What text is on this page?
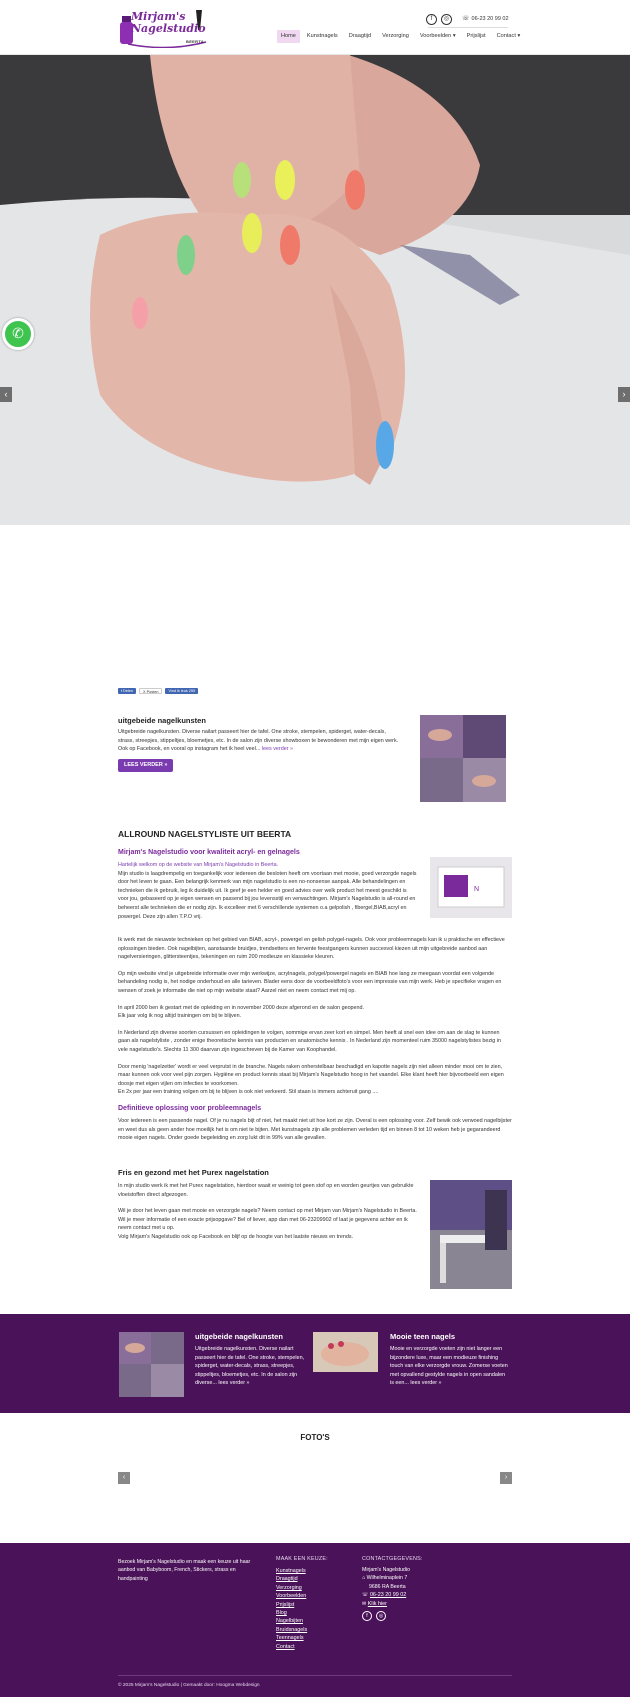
Mirjam's
Nagelstudio
BEERTA
f	◎	☏ 06-23 20 99 02
Home	Kunstnagels	Draagtijd	Verzorging	Voorbeelden ▾	Prijslijst	Contact ▾
‹	›
✆
f Delen	X Posten	Vind ik leuk 255
uitgebeide nagelkunsten
Uitgebreide nagelkunsten. Diverse nailart passeert hier de tafel. One stroke, stempelen, spiderget, water-decals, strass, streepjes, stippeltjes, bloemetjes, etc. In de salon zijn diverse showboxen te bewonderen met mijn eigen werk. Ook op Facebook, en vooral op instagram het ik heel veel... lees verder »
LEES VERDER »
ALLROUND NAGELSTYLISTE UIT BEERTA
Mirjam's Nagelstudio voor kwaliteit acryl- en gelnagels
Hartelijk welkom op de website van Mirjam's Nagelstudio in Beerta.
Mijn studio is laagdrempelig en toegankelijk voor iedereen die besloten heeft om voortaan met mooie, goed verzorgde nagels door het leven te gaan. Een belangrijk kenmerk van mijn nagelstudio is een no-nonsense aanpak. Alle behandelingen en technieken die ik gebruik, leg ik duidelijk uit. Ik geef je een helder en goed advies over welk product het meest geschikt is voor jou, gebaseerd op je eigen wensen en passend bij jou levensstijl en verwachtingen. Mirjam's Nagelstudio is all-round en beheerst alle technieken die er nodig zijn. Ik excelleer met 6 verschillende systemen o.a gelpolish , fibergel,BIAB,acryl en powergel. Deze zijn allen T.P.O vrij.
N
Ik werk met de nieuwste technieken op het gebied van BIAB, acryl-, powergel en gelish polygel-nagels. Ook voor probleemnagels kan ik u praktische en effectieve oplossingen bieden. Ook nagelbijten, aanstaande bruidjes, trendsetters en fervente feestgangers kunnen succesvol kiezen uit mijn uitgebreide aanbod aan nagelversieringen, glittersteentjes, tekeningen en ruim 200 modieuze en klassieke kleuren.
Op mijn website vind je uitgebreide informatie over mijn werkwijze, acrylnagels, polygel/powergel nagels en BIAB hoe lang ze meegaan voordat een volgende behandeling nodig is, het nodige onderhoud en alle tarieven. Blader eens door de voorbeeldfoto's voor een impressie van mijn werk. Heb je specifieke vragen en wensen of zoek je informatie die niet op mijn website staat? Aarzel niet en neem contact met mij op.
In april 2000 ben ik gestart met de opleiding en in november 2000 deze afgerond en de salon geopend.
Elk jaar volg ik nog altijd trainingen om bij te blijven.
In Nederland zijn diverse soorten cursussen en opleidingen te volgen, sommige ervan zeer kort en simpel. Men heeft al snel een idee om aan de slag te kunnen gaan als nagelstyliste , zonder enige theoretische kennis van producten en anatomische kennis . In Nederland zijn momenteel ruim 35000 nagelstylistes bezig in vele nagelstudio's. Slechts 11 300 daarvan zijn ingeschreven bij de Kamer van Koophandel.
Door menig 'nagelzetter' wordt er veel verprutst in de branche. Nagels raken onherstelbaar beschadigd en kapotte nagels zijn niet alleen minder mooi om te zien, maar kunnen ook voor veel pijn zorgen. Hygiëne en product kennis staat bij Mirjam's Nagelstudio hoog in het vaandel. Elke klant heeft hier bijvoorbeeld een eigen doosje met eigen vijlen om infecties te voorkomen.
En 2x per jaar een training volgen om bij te blijven is ook niet verkeerd. Stil staan is immers achteruit gang ....
Definitieve oplossing voor probleemnagels
Voor iedereen is een passende nagel. Of je nu nagels bijt of niet, het maakt niet uit hoe kort ze zijn. Overal is een oplossing voor. Zelf bewik ook verwoed nagelbijster en weet dus als geen ander hoe moeilijk het is om niet te bijten. Met kunstnagels zijn alle problemen verleden tijd en binnen 8 tot 10 weken heb je gegarandeerd mooie eigen nagels. Onder goede begeleiding en zorg lukt dit in 99% van alle gevallen.
Fris en gezond met het Purex nagelstation
In mijn studio werk ik met het Purex nagelstation, hierdoor waait er weinig tot geen stof op en worden geurtjes van gebruikte vloeistoffen direct afgezogen.
Wil je door het leven gaan met mooie en verzorgde nagels? Neem contact op met Mirjam van Mirjam's Nagelstudio in Beerta. Wil je meer informatie of een exacte prijsopgave? Bel of liever, app dan met 06-23209902 of laat je gegevens achter en ik neem contact met u op.
Volg Mirjam's Nagelstudio ook op Facebook en blijf op de hoogte van het laatste nieuws en trends.
uitgebeide nagelkunsten
Uitgebreide nagelkunsten. Diverse nailart passeert hier de tafel. One stroke, stempelen, spiderget, water-decals, strass, streepjes, stippeltjes, bloemetjes, etc. In de salon zijn diverse... lees verder »
Mooie teen nagels
Mooie en verzorgde voeten zijn niet langer een bijzondere luxe, maar een modieuze finishing touch van elke verzorgde vrouw. Zomerse voeten met opvallend gestylde nagels in open sandalen is een... lees verder »
FOTO'S
‹	›
Bezoek Mirjam's Nagelstudio en maak een keuze uit haar aanbod van Babyboom, French, Stickers, strass en handpainting
MAAK EEN KEUZE:
Kunstnagels
Draagtijd
Verzorging
Voorbeelden
Prijslijst
Blog
Nagelbijten
Bruidsnagels
Teennagels
Contact
CONTACTGEGEVENS:
Mirjam's Nagelstudio
⌂ Wilhelminaplein 7
9686 RA Beerta
☏ 06-23 20 99 02
✉ Klik hier
f	◎
© 2025 Mirjam's Nagelstudio | Gemaakt door: Hoogma Webdesign
